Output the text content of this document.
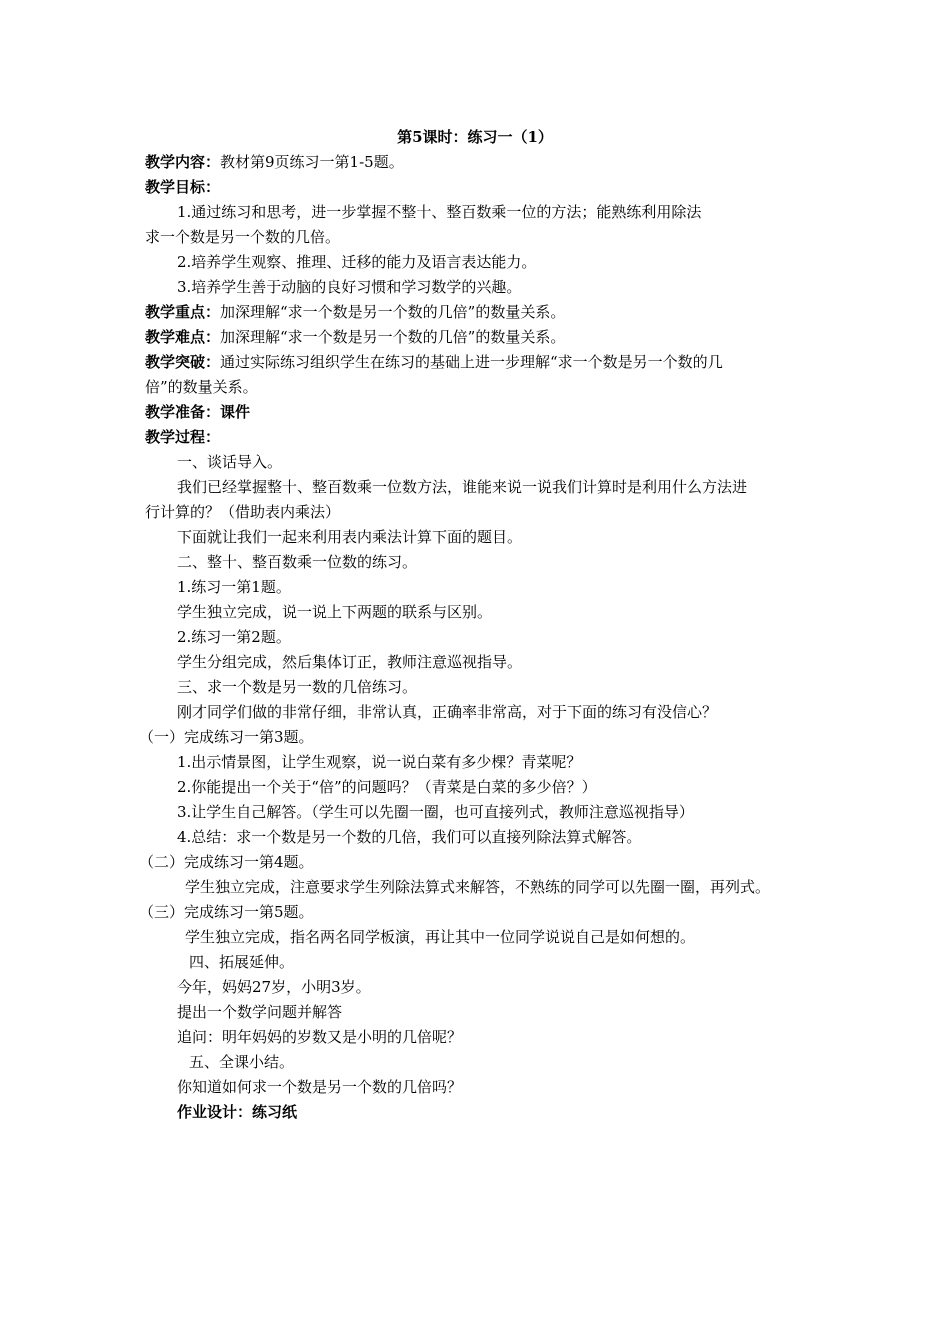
第5课时：练习一（1）
教学内容：教材第9页练习一第1-5题。
教学目标：
1.通过练习和思考，进一步掌握不整十、整百数乘一位的方法；能熟练利用除法
求一个数是另一个数的几倍。
2.培养学生观察、推理、迁移的能力及语言表达能力。
3.培养学生善于动脑的良好习惯和学习数学的兴趣。
教学重点：加深理解“求一个数是另一个数的几倍”的数量关系。
教学难点：加深理解“求一个数是另一个数的几倍”的数量关系。
教学突破：通过实际练习组织学生在练习的基础上进一步理解“求一个数是另一个数的几
倍”的数量关系。
教学准备：课件
教学过程：
一、谈话导入。
我们已经掌握整十、整百数乘一位数方法，谁能来说一说我们计算时是利用什么方法进
行计算的？（借助表内乘法）
下面就让我们一起来利用表内乘法计算下面的题目。
二、整十、整百数乘一位数的练习。
1.练习一第1题。
学生独立完成，说一说上下两题的联系与区别。
2.练习一第2题。
学生分组完成，然后集体订正，教师注意巡视指导。
三、求一个数是另一数的几倍练习。
刚才同学们做的非常仔细，非常认真，正确率非常高，对于下面的练习有没信心？
（一）完成练习一第3题。
1.出示情景图，让学生观察，说一说白菜有多少棵？青菜呢？
2.你能提出一个关于“倍”的问题吗？（青菜是白菜的多少倍？）
3.让学生自己解答。（学生可以先圈一圈，也可直接列式，教师注意巡视指导）
4.总结：求一个数是另一个数的几倍，我们可以直接列除法算式解答。
（二）完成练习一第4题。
学生独立完成，注意要求学生列除法算式来解答，不熟练的同学可以先圈一圈，再列式。
（三）完成练习一第5题。
学生独立完成，指名两名同学板演，再让其中一位同学说说自己是如何想的。
四、拓展延伸。
今年，妈妈27岁，小明3岁。
提出一个数学问题并解答
追问：明年妈妈的岁数又是小明的几倍呢？
五、全课小结。
你知道如何求一个数是另一个数的几倍吗？
作业设计：练习纸
